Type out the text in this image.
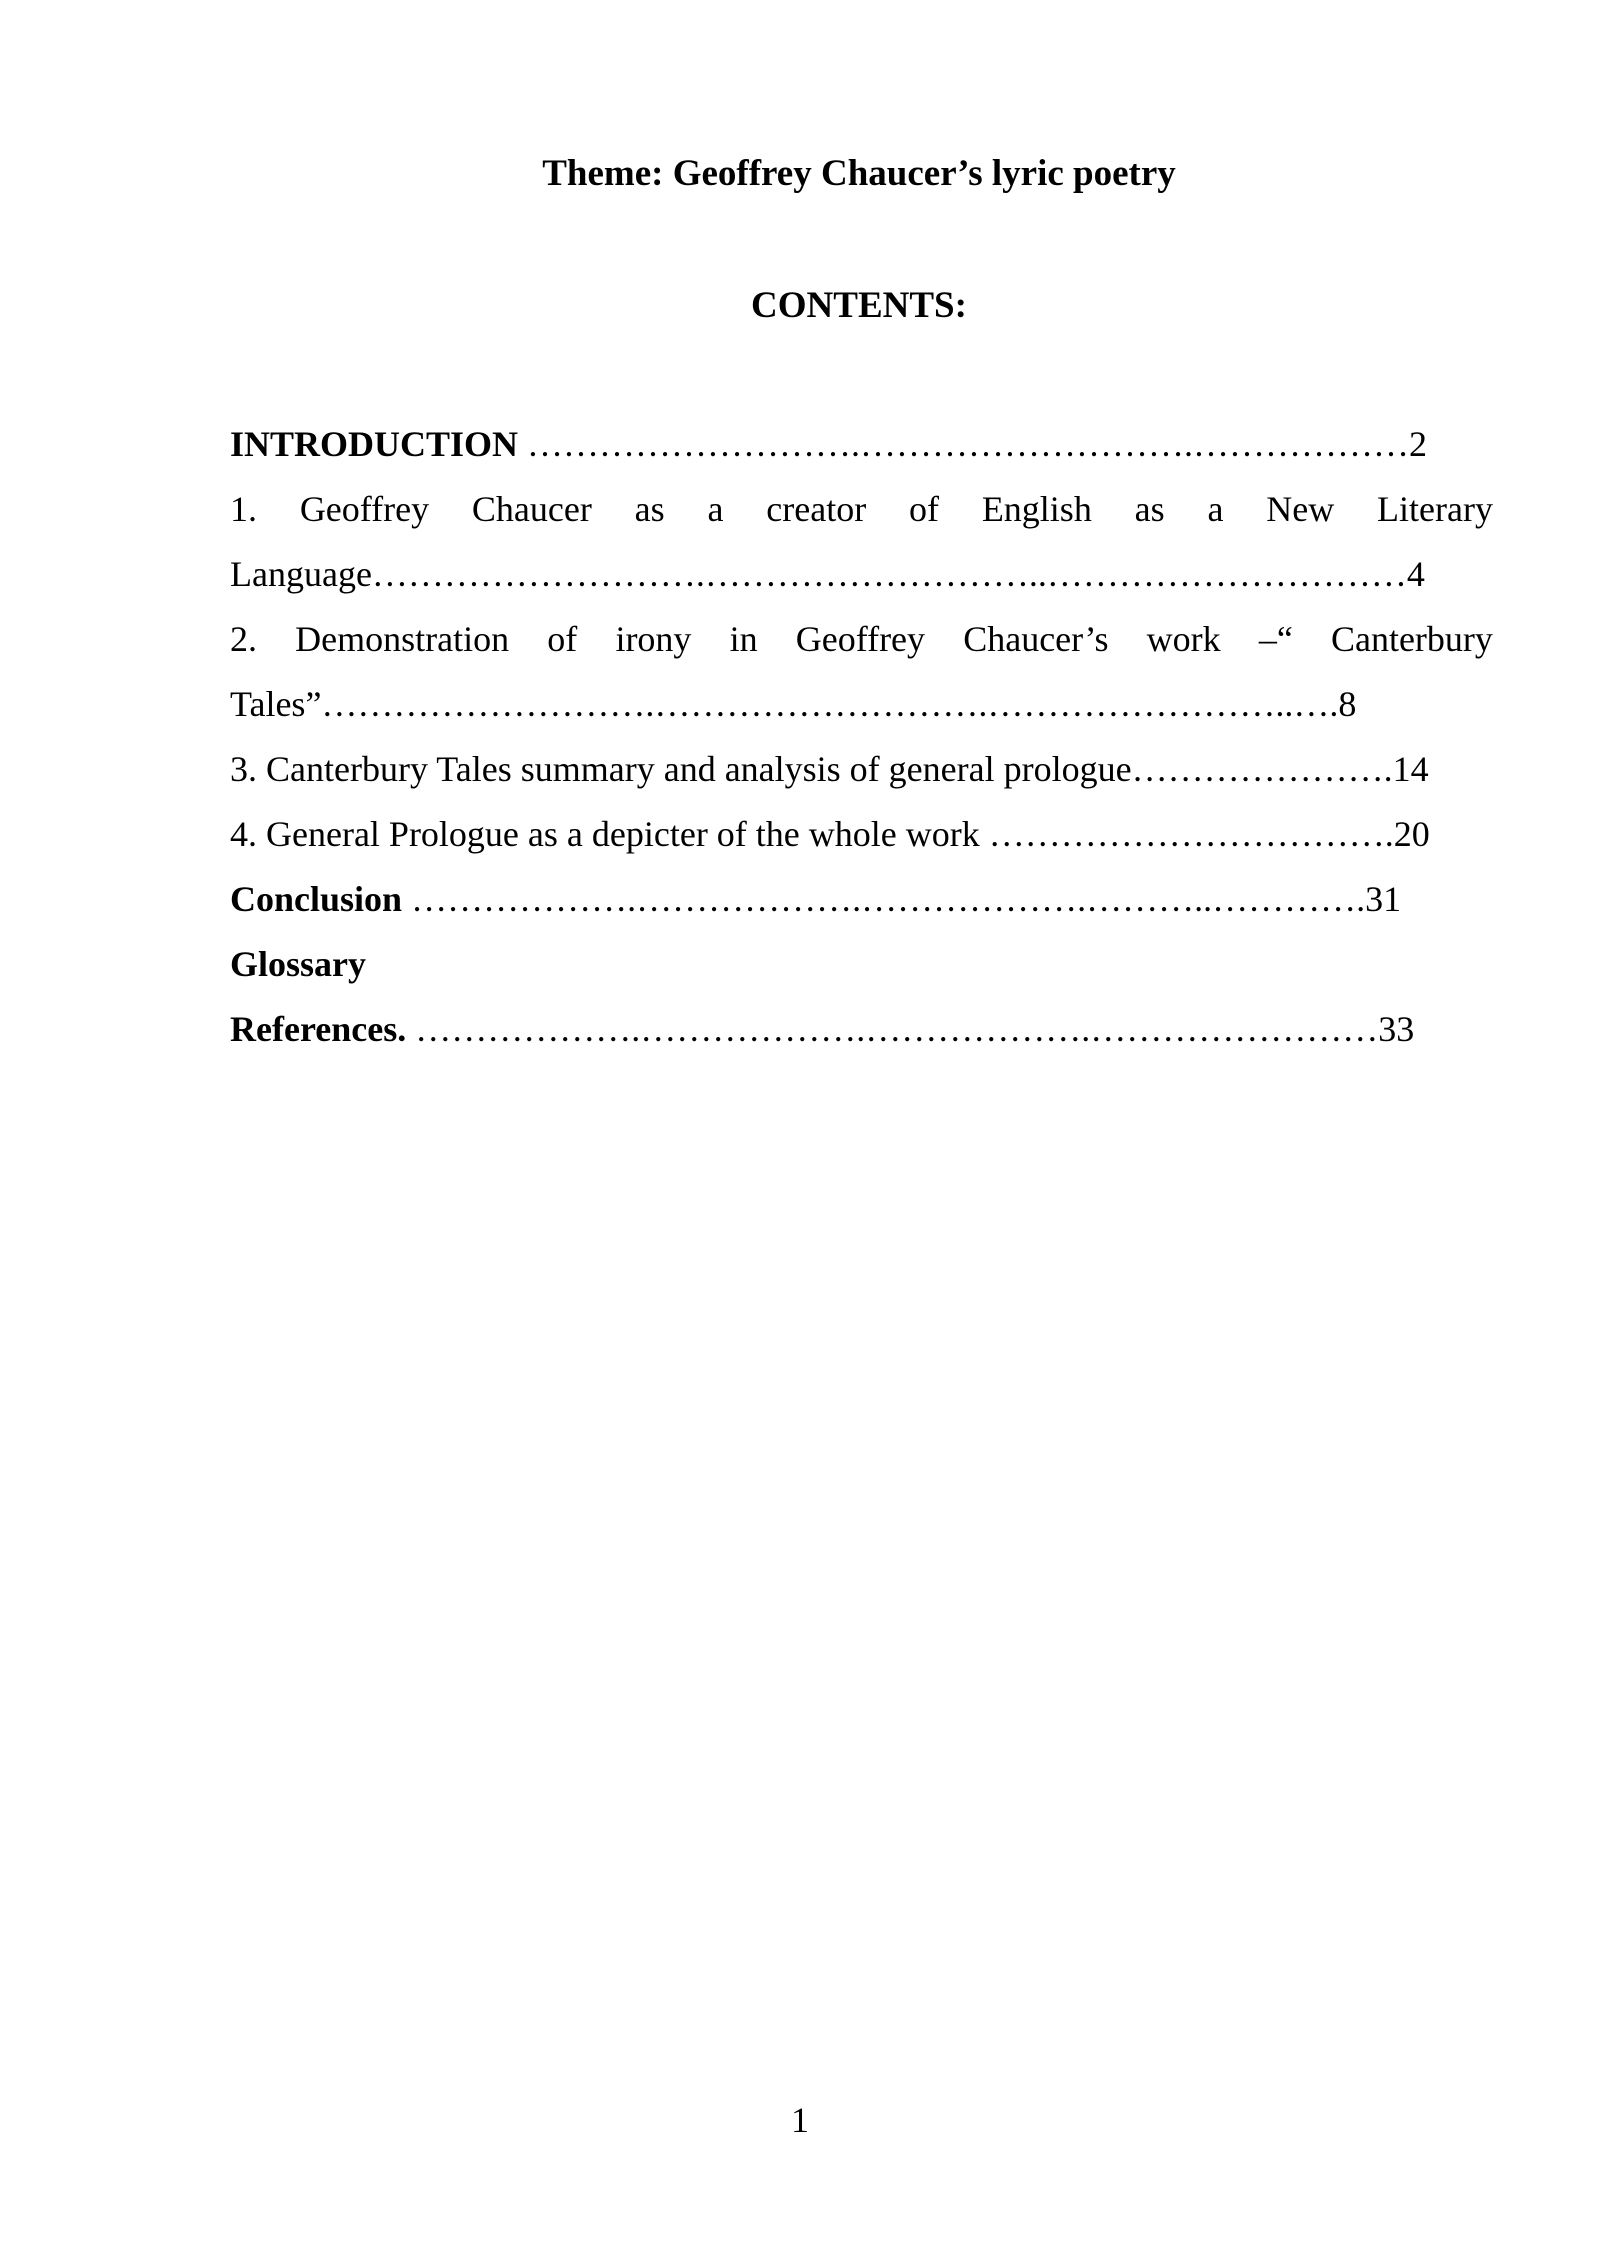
Theme: Geoffrey Chaucer’s lyric poetry
CONTENTS:
INTRODUCTION ……………………….……………………….………………2
1. Geoffrey Chaucer as a creator of English as a New Literary
Language……………………….………………………..…………………………4
2. Demonstration of irony in Geoffrey Chaucer’s work –“ Canterbury
Tales”……………………….……………………….……………………..….8
3. Canterbury Tales summary and analysis of general prologue………………….14
4. General Prologue as a depicter of the whole work …………………………….20
Conclusion ……………….……………….……………….………..………….31
Glossary
References. ……………….……………….……………….……………………33
1
